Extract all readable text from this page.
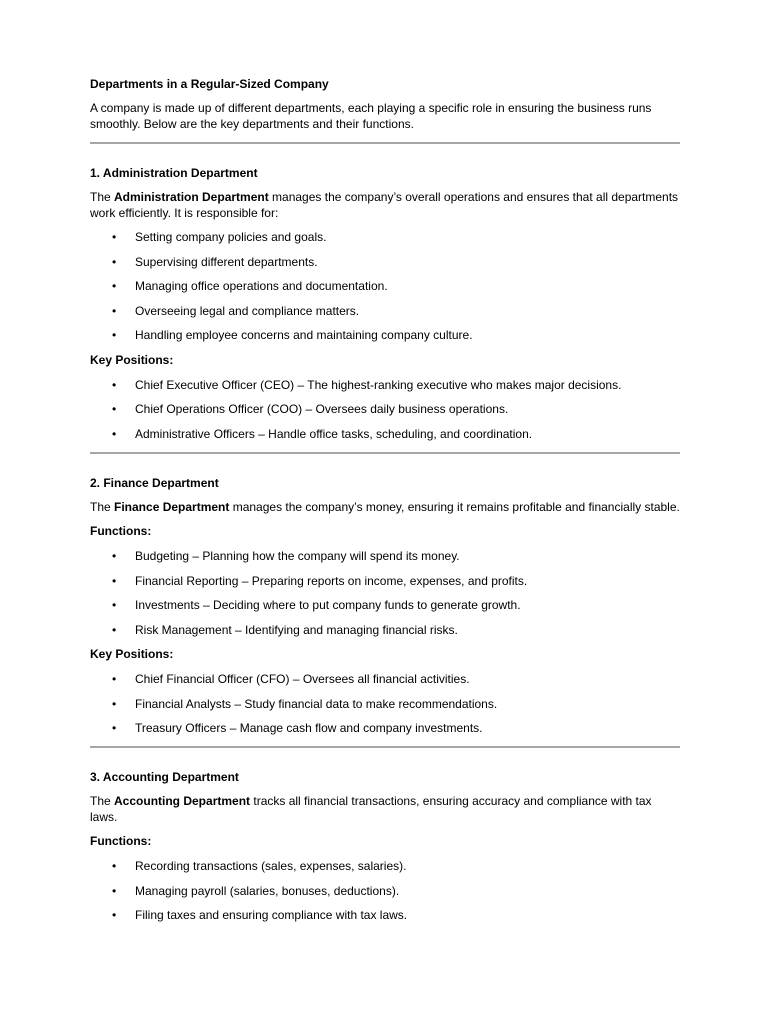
Departments in a Regular-Sized Company

A company is made up of different departments, each playing a specific role in ensuring the business runs smoothly. Below are the key departments and their functions.

1. Administration Department

The Administration Department manages the company’s overall operations and ensures that all departments work efficiently. It is responsible for:

• Setting company policies and goals.
• Supervising different departments.
• Managing office operations and documentation.
• Overseeing legal and compliance matters.
• Handling employee concerns and maintaining company culture.
Key Positions:
• Chief Executive Officer (CEO) – The highest-ranking executive who makes major decisions.
• Chief Operations Officer (COO) – Oversees daily business operations.
• Administrative Officers – Handle office tasks, scheduling, and coordination.
2. Finance Department

The Finance Department manages the company’s money, ensuring it remains profitable and financially stable.

Functions:
• Budgeting – Planning how the company will spend its money.
• Financial Reporting – Preparing reports on income, expenses, and profits.
• Investments – Deciding where to put company funds to generate growth.
• Risk Management – Identifying and managing financial risks.
Key Positions:
• Chief Financial Officer (CFO) – Oversees all financial activities.
• Financial Analysts – Study financial data to make recommendations.
• Treasury Officers – Manage cash flow and company investments.
3. Accounting Department

The Accounting Department tracks all financial transactions, ensuring accuracy and compliance with tax laws.

Functions:
• Recording transactions (sales, expenses, salaries).
• Managing payroll (salaries, bonuses, deductions).
• Filing taxes and ensuring compliance with tax laws.
